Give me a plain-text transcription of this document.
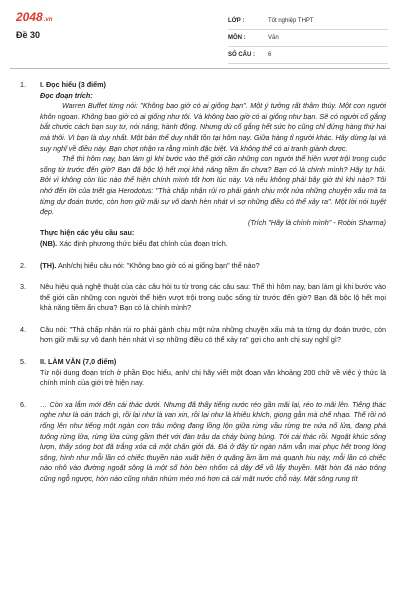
2048.vn
Đề 30
LỚP :	Tốt nghiệp THPT
MÔN :	Văn
SỐ CÂU :	6
1.	I. Đọc hiểu (3 điểm)
Đọc đoạn trích:
Warren Buffet từng nói: "Không bao giờ có ai giống bạn". Một ý tưởng rất thâm thúy. Một con người khôn ngoan. Không bao giờ có ai giống như tôi. Và không bao giờ có ai giống như bạn. Sẽ có người cố gắng bắt chước cách bạn suy tư, nói năng, hành động. Nhưng dù cố gắng hết sức họ cũng chỉ đứng hàng thứ hai mà thôi. Vì bạn là duy nhất. Một bản thể duy nhất tồn tại hôm nay. Giữa hàng tỉ người khác. Hãy dừng lại và suy nghĩ về điều này. Bạn chợt nhận ra rằng mình đặc biệt. Và không thể có ai tranh giành được.
Thế thì hôm nay, bạn làm gì khi bước vào thế giới cần những con người thể hiện vượt trội trong cuộc sống từ trước đến giờ? Bạn đã bộc lộ hết mọi khả năng tiềm ẩn chưa? Bạn có là chính mình? Hãy tự hỏi. Bởi vì không còn lúc nào thể hiện chính mình tốt hơn lúc này. Và nếu không phải bây giờ thì khi nào? Tôi nhớ đến lời của triết gia Herodotus: "Thà chấp nhận rủi ro phải gánh chịu một nửa những chuyện xấu mà ta từng dự đoán trước, còn hơn giữ mãi sự vô danh hèn nhát vì sợ những điều có thể xảy ra". Một lời nói tuyệt đẹp.
(Trích "Hãy là chính mình" - Robin Sharma)
Thực hiện các yêu cầu sau:
(NB). Xác định phương thức biểu đạt chính của đoạn trích.
2.	(TH). Anh/chị hiểu câu nói: "Không bao giờ có ai giống bạn" thế nào?
3.	Nêu hiệu quả nghệ thuật của các câu hỏi tu từ trong các câu sau: Thế thì hôm nay, bạn làm gì khi bước vào thế giới cần những con người thể hiện vượt trội trong cuộc sống từ trước đến giờ? Bạn đã bộc lộ hết mọi khả năng tiềm ẩn chưa? Bạn có là chính mình?
4.	Câu nói: "Thà chấp nhận rủi ro phải gánh chịu một nửa những chuyện xấu mà ta từng dự đoán trước, còn hơn giữ mãi sự vô danh hèn nhát vì sợ những điều có thể xảy ra" gợi cho anh chị suy nghĩ gì?
5.	II. LÀM VĂN (7,0 điểm)
Từ nội dung đoạn trích ở phần Đọc hiểu, anh/ chị hãy viết một đoạn văn khoảng 200 chữ về việc ý thức là chính mình của giới trẻ hiện nay.
6.	… Còn xa lắm mới đến cái thác dưới. Nhưng đã thấy tiếng nước réo gần mãi lại, réo to mãi lên. Tiếng thác nghe như là oán trách gì, rồi lại như là van xin, rồi lại như là khiêu khích, giọng gằn mà chế nhạo. Thế rồi nó rống lên như tiếng một ngàn con trâu mộng đang lồng lộn giữa rừng vầu rừng tre nứa nổ lửa, đang phá tuông rừng lửa, rừng lửa cùng gầm thét với đàn trâu da cháy bùng bùng. Tới cái thác rồi. Ngoặt khúc sông lượn, thấy sóng bọt đã trắng xóa cả một chân giời đá. Đá ở đây từ ngàn năm vẫn mai phục hết trong lòng sông, hình như mỗi lần có chiếc thuyền nào xuất hiện ở quãng ầm ầm mà quạnh hiu này, mỗi lần có chiếc nào nhô vào đường ngoặt sông là một số hòn bèn nhổm cả dậy để vồ lấy thuyền. Mặt hòn đá nào trông cũng ngỗ ngược, hòn nào cũng nhăn nhúm méo mó hơn cả cái mặt nước chỗ này. Mặt sông rung tít
